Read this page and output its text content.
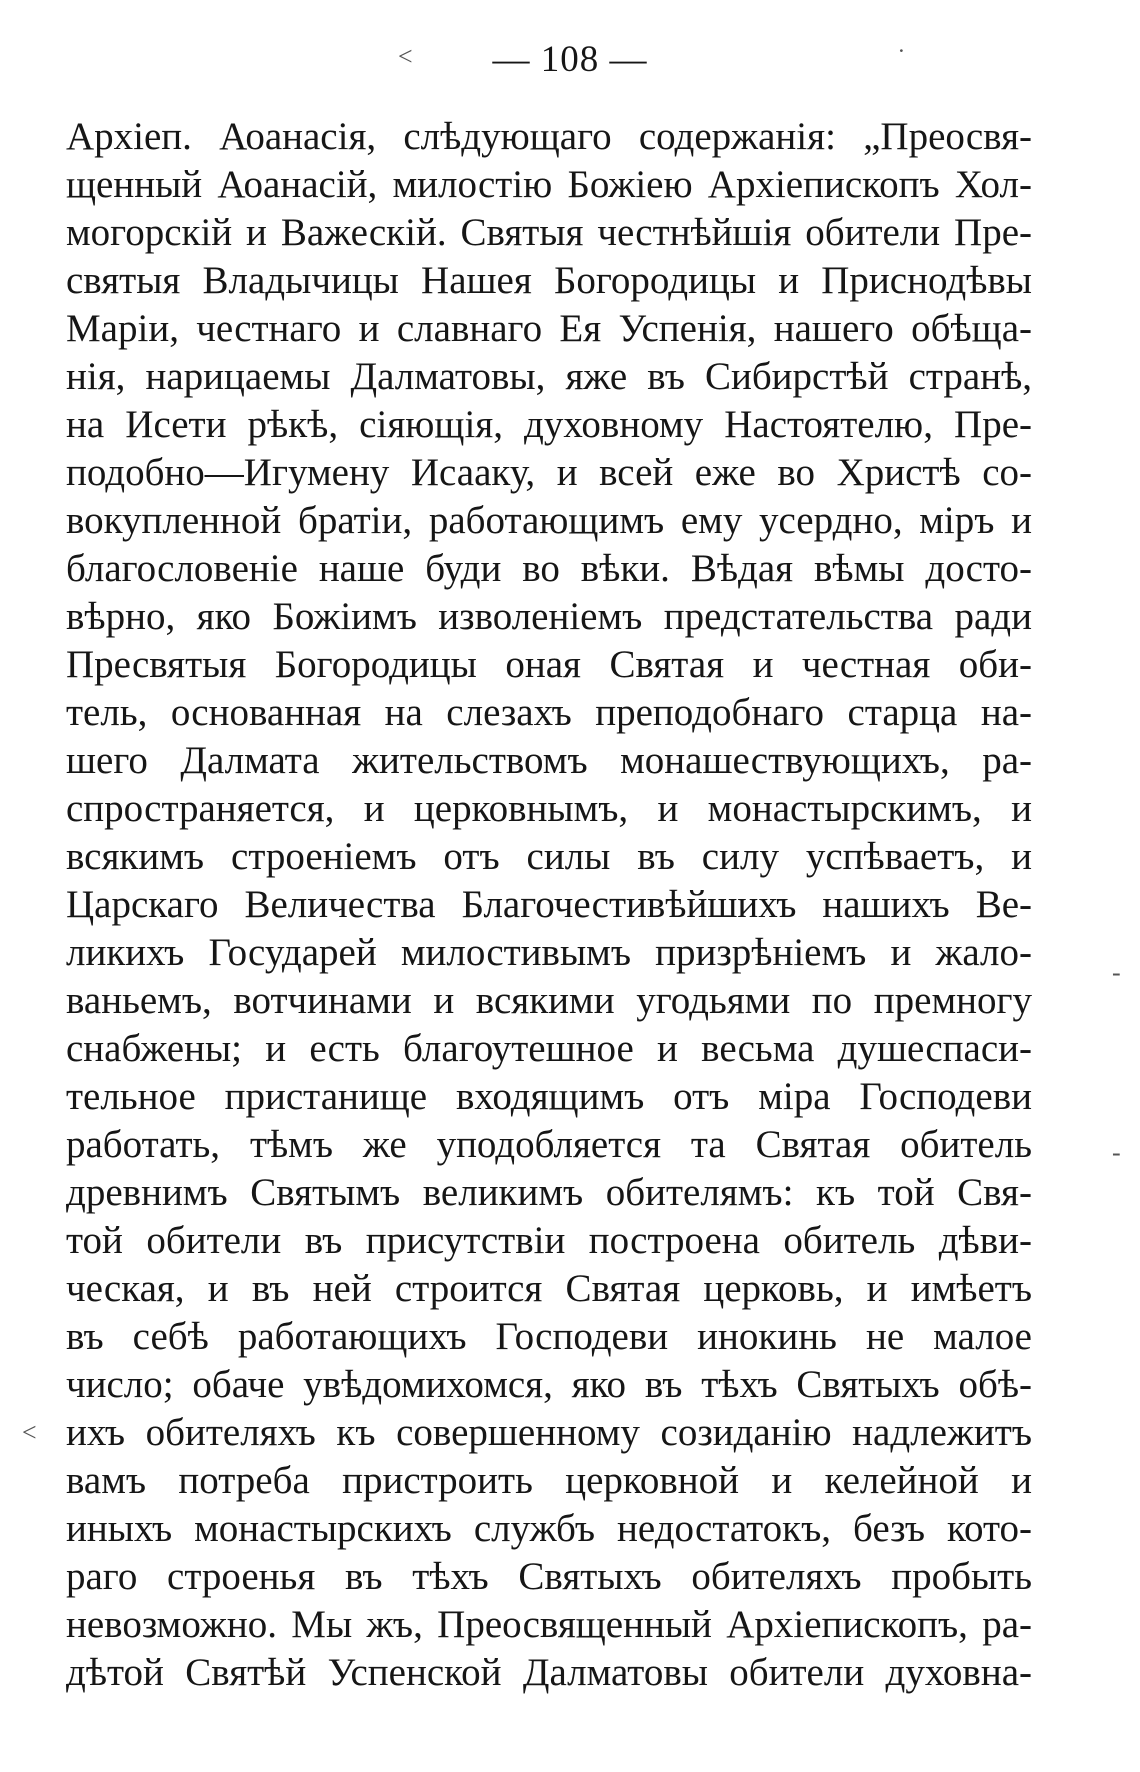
— 108 —
Архіеп. Аоанасія, слѣдующаго содержанія: „Преосвя-
щенный Аоанасій, милостію Божіею Архіепископъ Хол-
могорскій и Важескій. Святыя честнѣйшія обители Пре-
святыя Владычицы Нашея Богородицы и Приснодѣвы
Маріи, честнаго и славнаго Ея Успенія, нашего обѣща-
нія, нарицаемы Далматовы, яже въ Сибирстѣй странѣ,
на Исети рѣкѣ, сіяющія, духовному Настоятелю, Пре-
подобно—Игумену Исааку, и всей еже во Христѣ со-
вокупленной братіи, работающимъ ему усердно, міръ и
благословеніе наше буди во вѣки. Вѣдая вѣмы досто-
вѣрно, яко Божіимъ изволеніемъ предстательства ради
Пресвятыя Богородицы оная Святая и честная оби-
тель, основанная на слезахъ преподобнаго старца на-
шего Далмата жительствомъ монашествующихъ, ра-
спространяется, и церковнымъ, и монастырскимъ, и
всякимъ строеніемъ отъ силы въ силу успѣваетъ, и
Царскаго Величества Благочестивѣйшихъ нашихъ Ве-
ликихъ Государей милостивымъ призрѣніемъ и жало-
ваньемъ, вотчинами и всякими угодьями по премногу
снабжены; и есть благоутешное и весьма душеспаси-
тельное пристанище входящимъ отъ міра Господеви
работать, тѣмъ же уподобляется та Святая обитель
древнимъ Святымъ великимъ обителямъ: къ той Свя-
той обители въ присутствіи построена обитель дѣви-
ческая, и въ ней строится Святая церковь, и имѣетъ
въ себѣ работающихъ Господеви инокинь не малое
число; обаче увѣдомихомся, яко въ тѣхъ Святыхъ обѣ-
ихъ обителяхъ къ совершенному созиданію надлежитъ
вамъ потреба пристроить церковной и келейной и
иныхъ монастырскихъ службъ недостатокъ, безъ кото-
раго строенья въ тѣхъ Святыхъ обителяхъ пробыть
невозможно. Мы жъ, Преосвященный Архіепископъ, ра-
дѣтой Святѣй Успенской Далматовы обители духовна-
˂	˙
-
-
˂
